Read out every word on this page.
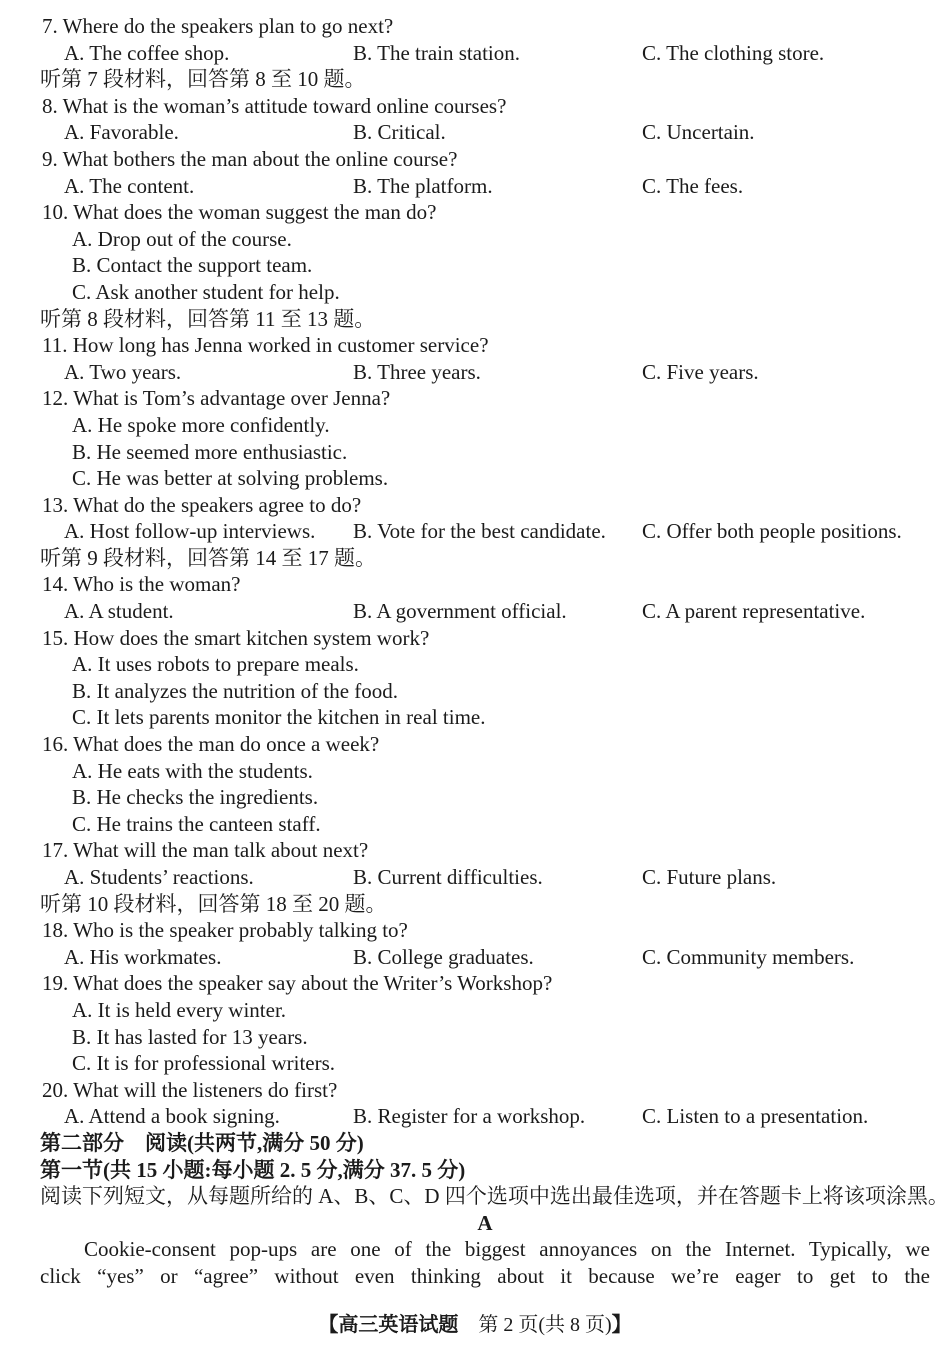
7. Where do the speakers plan to go next?
A. The coffee shop.	B. The train station.	C. The clothing store.
听第 7 段材料，回答第 8 至 10 题。
8. What is the woman’s attitude toward online courses?
A. Favorable.	B. Critical.	C. Uncertain.
9. What bothers the man about the online course?
A. The content.	B. The platform.	C. The fees.
10. What does the woman suggest the man do?
A. Drop out of the course.
B. Contact the support team.
C. Ask another student for help.
听第 8 段材料，回答第 11 至 13 题。
11. How long has Jenna worked in customer service?
A. Two years.	B. Three years.	C. Five years.
12. What is Tom’s advantage over Jenna?
A. He spoke more confidently.
B. He seemed more enthusiastic.
C. He was better at solving problems.
13. What do the speakers agree to do?
A. Host follow-up interviews. B. Vote for the best candidate. C. Offer both people positions.
听第 9 段材料，回答第 14 至 17 题。
14. Who is the woman?
A. A student.	B. A government official.	C. A parent representative.
15. How does the smart kitchen system work?
A. It uses robots to prepare meals.
B. It analyzes the nutrition of the food.
C. It lets parents monitor the kitchen in real time.
16. What does the man do once a week?
A. He eats with the students.
B. He checks the ingredients.
C. He trains the canteen staff.
17. What will the man talk about next?
A. Students’ reactions.	B. Current difficulties.	C. Future plans.
听第 10 段材料，回答第 18 至 20 题。
18. Who is the speaker probably talking to?
A. His workmates.	B. College graduates.	C. Community members.
19. What does the speaker say about the Writer’s Workshop?
A. It is held every winter.
B. It has lasted for 13 years.
C. It is for professional writers.
20. What will the listeners do first?
A. Attend a book signing.	B. Register for a workshop.	C. Listen to a presentation.
第二部分　阅读(共两节,满分 50 分)
第一节(共 15 小题:每小题 2. 5 分,满分 37. 5 分)
阅读下列短文，从每题所给的 A、B、C、D 四个选项中选出最佳选项，并在答题卡上将该项涂黑。
A
Cookie-consent pop-ups are one of the biggest annoyances on the Internet. Typically, we
click “yes” or “agree” without even thinking about it because we’re eager to get to the
【高三英语试题　第 2 页(共 8 页)】
